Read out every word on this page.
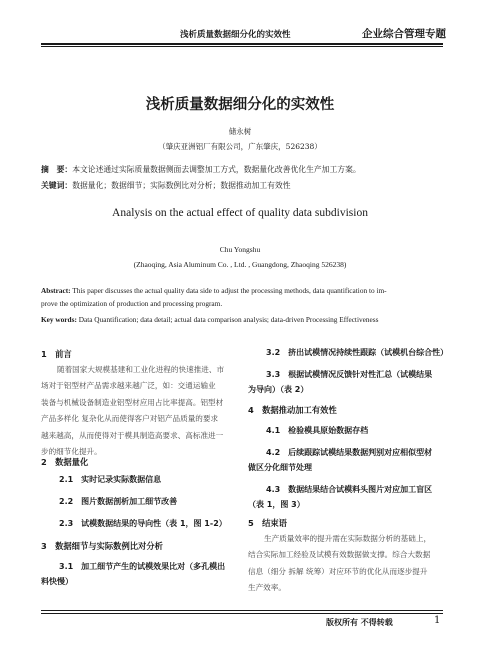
浅析质量数据细分化的实效性	企业综合管理专题
浅析质量数据细分化的实效性
储永树
（肇庆亚洲铝厂有限公司，广东肇庆，526238）
摘　要：本文论述通过实际质量数据侧面去调整加工方式，数据量化改善优化生产加工方案。
关键词：数据量化；数据细节；实际数例比对分析；数据推动加工有效性
Analysis on the actual effect of quality data subdivision
Chu Yongshu
(Zhaoqing, Asia Aluminum Co. , Ltd. , Guangdong, Zhaoqing 526238)
Abstract: This paper discusses the actual quality data side to adjust the processing methods, data quantification to im-
prove the optimization of production and processing program.
Key words: Data Quantification; data detail; actual data comparison analysis; data-driven Processing Effectiveness
1　前言
随着国家大规模基建和工业化进程的快速推进、市
场对于铝型材产品需求越来越广泛，如：交通运输业
装备与机械设备制造业铝型材应用占比率提高。铝型材
产品多样化 复杂化从而使得客户对铝产品质量的要求
越来越高，从而使得对于模具制造高要求、高标准进一
步的细节化提升。
2　数据量化
2.1　实时记录实际数据信息
2.2　图片数据剖析加工细节改善
2.3　试模数据结果的导向性（表 1，图 1-2）
3　数据细节与实际数例比对分析
3.1　加工细节产生的试模效果比对（多孔模出
料快慢）
3.2　挤出试模情况持续性跟踪（试模机台综合性）
3.3　根据试模情况反馈针对性汇总（试模结果
为导向）（表 2）
4　数据推动加工有效性
4.1　检验模具原始数据存档
4.2　后续跟踪试模结果数据判别对应相似型材
做区分化细节处理
4.3　数据结果结合试模料头图片对应加工盲区
（表 1，图 3）
5　结束语
生产质量效率的提升需在实际数据分析的基础上，
结合实际加工经验及试模有效数据做支撑。综合大数据
信息（细分 拆解 统筹）对应环节的优化从而逐步提升
生产效率。
版权所有 不得转载	1
